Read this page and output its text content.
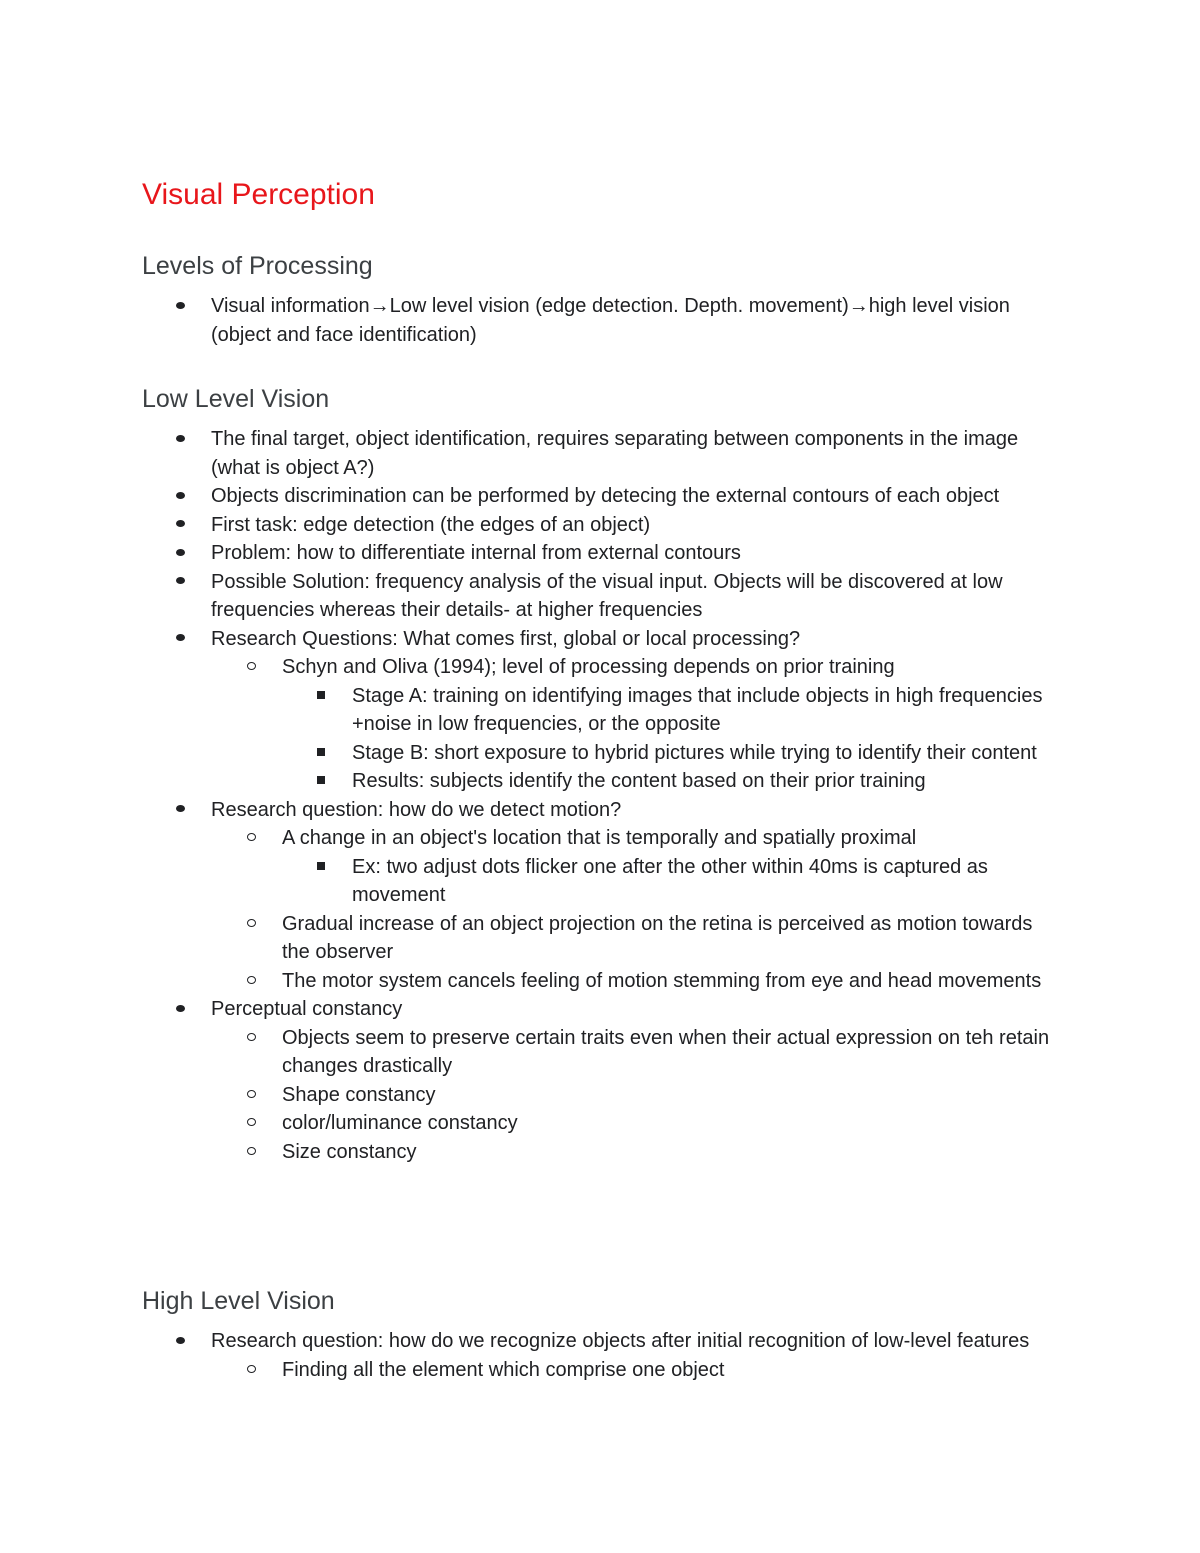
Visual Perception
Levels of Processing
Visual information→Low level vision (edge detection. Depth. movement)→high level vision (object and face identification)
Low Level Vision
The final target, object identification, requires separating between components in the image (what is object A?)
Objects discrimination can be performed by detecing the external contours of each object
First task: edge detection (the edges of an object)
Problem: how to differentiate internal from external contours
Possible Solution: frequency analysis of the visual input. Objects will be discovered at low frequencies whereas their details- at higher frequencies
Research Questions: What comes first, global or local processing?
Schyn and Oliva (1994); level of processing depends on prior training
Stage A: training on identifying images that include objects in high frequencies +noise in low frequencies, or the opposite
Stage B: short exposure to hybrid pictures while trying to identify their content
Results: subjects identify the content based on their prior training
Research question: how do we detect motion?
A change in an object's location that is temporally and spatially proximal
Ex: two adjust dots flicker one after the other within 40ms is captured as movement
Gradual increase of an object projection on the retina is perceived as motion towards the observer
The motor system cancels feeling of motion stemming from eye and head movements
Perceptual constancy
Objects seem to preserve certain traits even when their actual expression on teh retain changes drastically
Shape constancy
color/luminance constancy
Size constancy
High Level Vision
Research question: how do we recognize objects after initial recognition of low-level features
Finding all the element which comprise one object
